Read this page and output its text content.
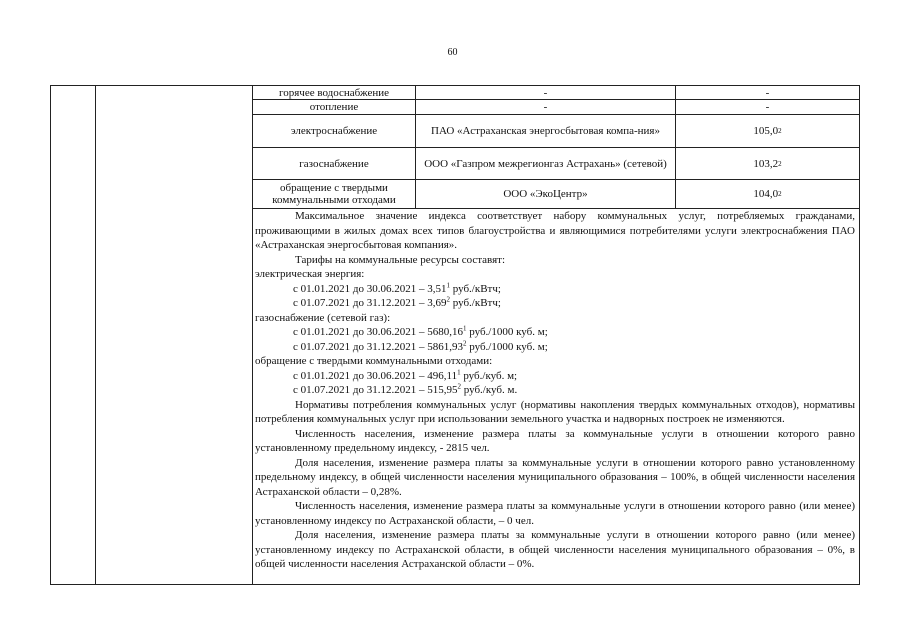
60
горячее водоснабжение	-	-
отопление	-	-
электроснабжение	ПАО «Астраханская энергосбытовая компа-ния»	105,0 2
газоснабжение	ООО «Газпром межрегионгаз Астрахань» (сетевой)	103,2 2
обращение с твердыми коммунальными отходами	ООО «ЭкоЦентр»	104,0 2

Максимальное значение индекса соответствует набору коммунальных услуг, потребляемых гражданами, проживающими в жилых домах всех типов благоустройства и являющимися потребителями услуги электроснабжения ПАО «Астраханская энергосбытовая компания».

Тарифы на коммунальные ресурсы составят:

электрическая энергия:

с 01.01.2021 до 30.06.2021 – 3,51$^1$ руб./кВтч;

с 01.07.2021 до 31.12.2021 – 3,69$^2$ руб./кВтч;

газоснабжение (сетевой газ):

с 01.01.2021 до 30.06.2021 – 5680,16$^1$ руб./1000 куб. м;

с 01.07.2021 до 31.12.2021 – 5861,93$^2$ руб./1000 куб. м;

обращение с твердыми коммунальными отходами:

с 01.01.2021 до 30.06.2021 – 496,11$^1$ руб./куб. м;

с 01.07.2021 до 31.12.2021 – 515,95$^2$ руб./куб. м.

Нормативы потребления коммунальных услуг (нормативы накопления твердых коммунальных отходов), нормативы потребления коммунальных услуг при использовании земельного участка и надворных построек не изменяются.

Численность населения, изменение размера платы за коммунальные услуги в отношении которого равно установленному предельному индексу, - 2815 чел.

Доля населения, изменение размера платы за коммунальные услуги в отношении которого равно установленному предельному индексу, в общей численности населения муниципального образования – 100%, в общей численности населения Астраханской области – 0,28%.

Численность населения, изменение размера платы за коммунальные услуги в отношении которого равно (или менее) установленному индексу по Астраханской области, – 0 чел.

Доля населения, изменение размера платы за коммунальные услуги в отношении которого равно (или менее) установленному индексу по Астраханской области, в общей численности населения муниципального образования – 0%, в общей численности населения Астраханской области – 0%.
